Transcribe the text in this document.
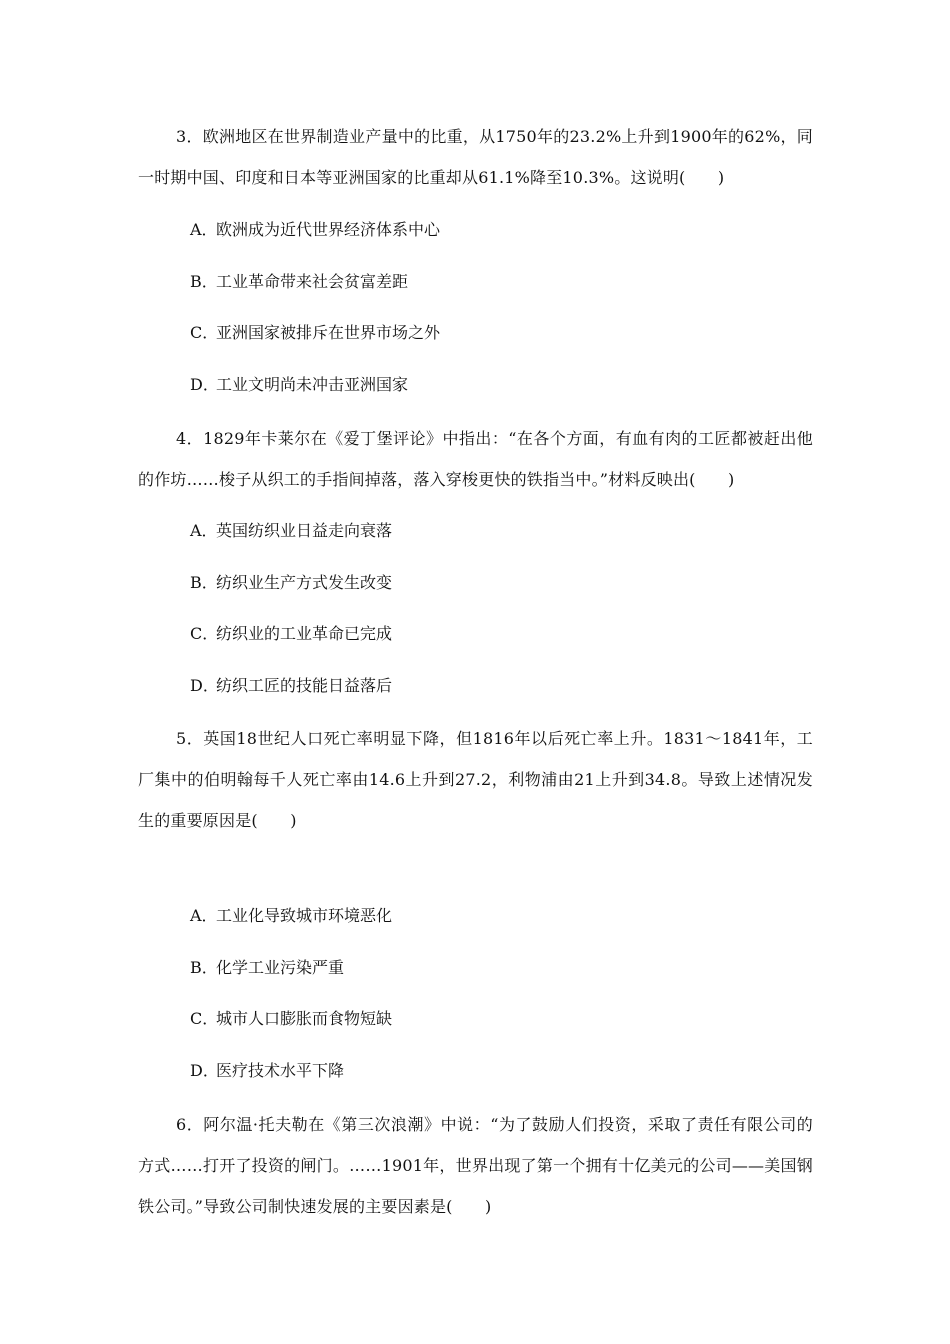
3．欧洲地区在世界制造业产量中的比重，从1750年的23.2%上升到1900年的62%，同一时期中国、印度和日本等亚洲国家的比重却从61.1%降至10.3%。这说明(　　)
A．欧洲成为近代世界经济体系中心
B．工业革命带来社会贫富差距
C．亚洲国家被排斥在世界市场之外
D．工业文明尚未冲击亚洲国家
4．1829年卡莱尔在《爱丁堡评论》中指出：“在各个方面，有血有肉的工匠都被赶出他的作坊……梭子从织工的手指间掉落，落入穿梭更快的铁指当中。”材料反映出(　　)
A．英国纺织业日益走向衰落
B．纺织业生产方式发生改变
C．纺织业的工业革命已完成
D．纺织工匠的技能日益落后
5．英国18世纪人口死亡率明显下降，但1816年以后死亡率上升。1831～1841年，工厂集中的伯明翰每千人死亡率由14.6上升到27.2，利物浦由21上升到34.8。导致上述情况发生的重要原因是(　　)
A．工业化导致城市环境恶化
B．化学工业污染严重
C．城市人口膨胀而食物短缺
D．医疗技术水平下降
6．阿尔温·托夫勒在《第三次浪潮》中说：“为了鼓励人们投资，采取了责任有限公司的方式……打开了投资的闸门。……1901年，世界出现了第一个拥有十亿美元的公司——美国钢铁公司。”导致公司制快速发展的主要因素是(　　)
